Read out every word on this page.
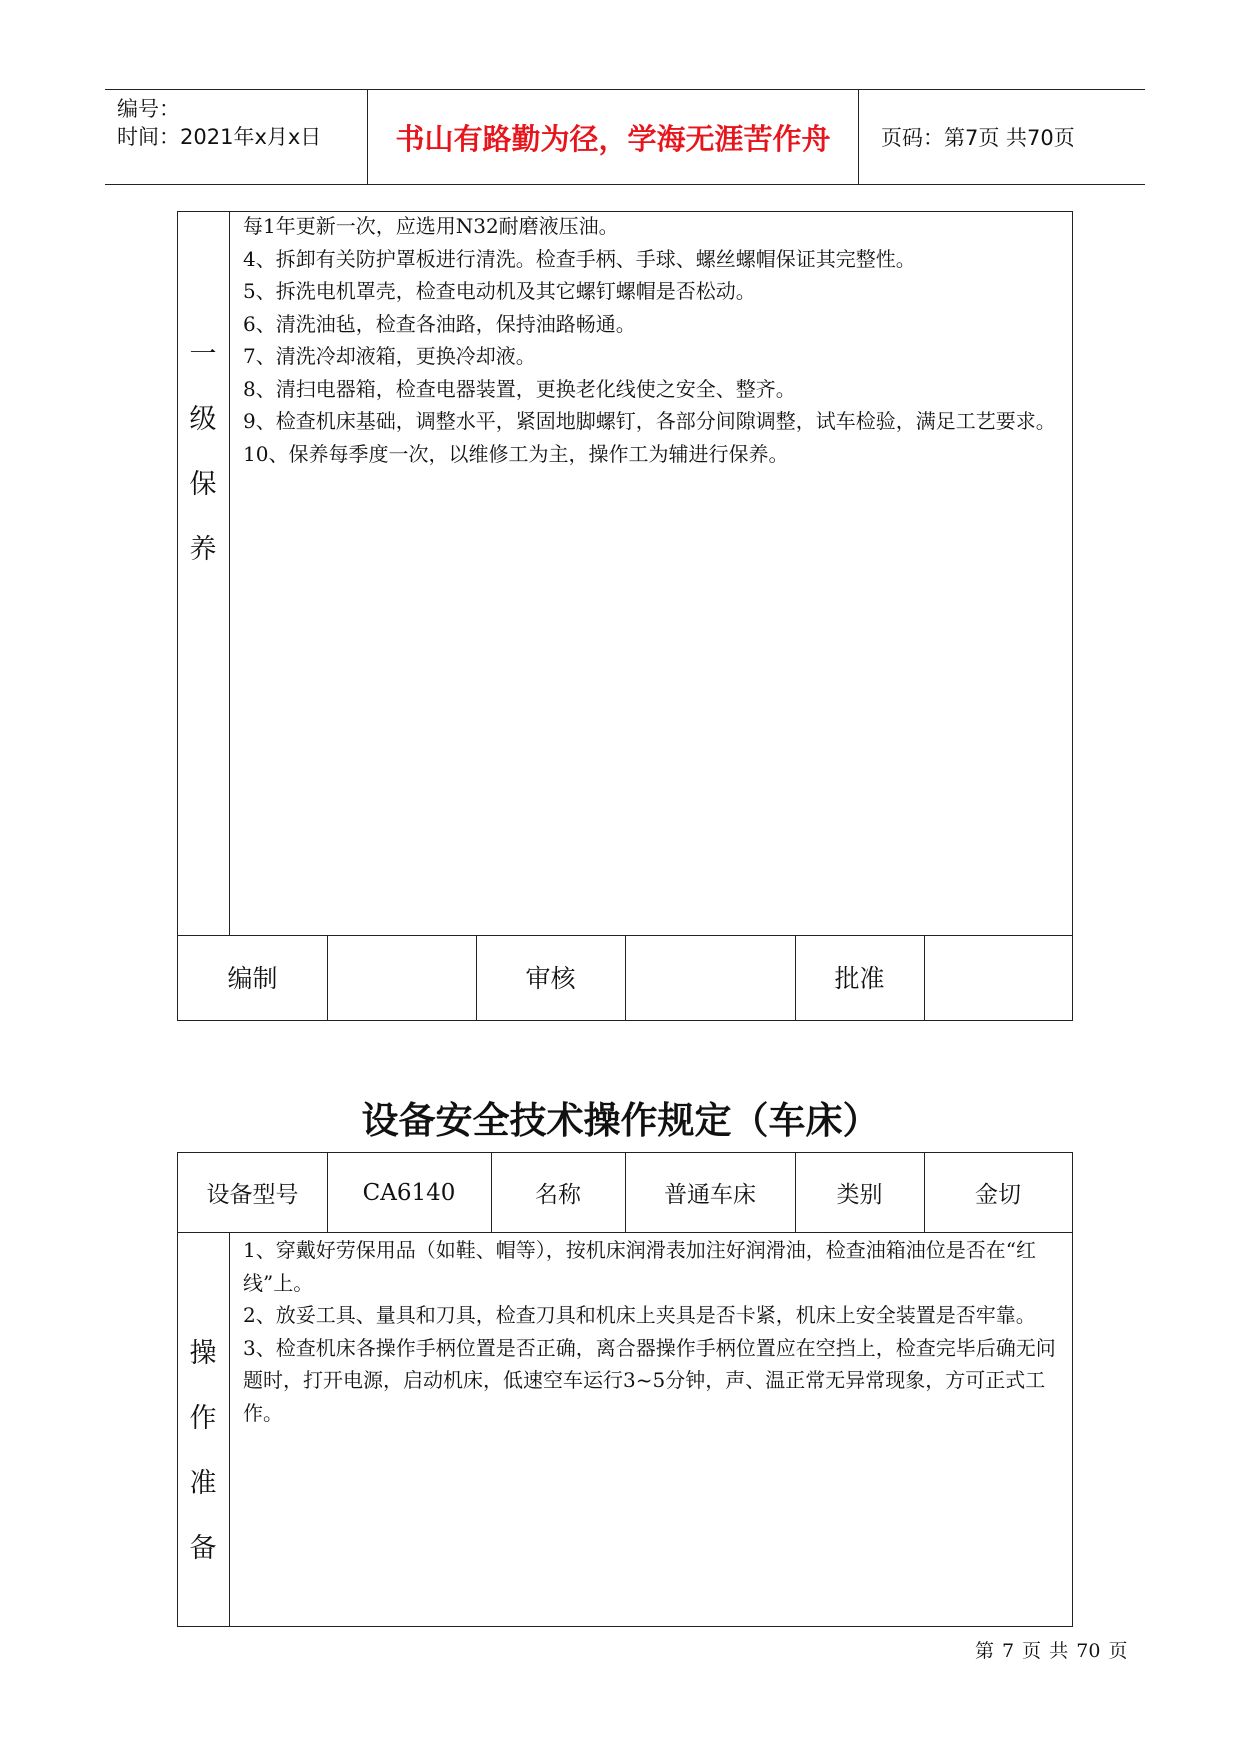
编号：
时间：2021年x月x日	书山有路勤为径，学海无涯苦作舟	页码：第7页 共70页
一
级
保
养

每1年更新一次，应选用N32耐磨液压油。

4、拆卸有关防护罩板进行清洗。检查手柄、手球、螺丝螺帽保证其完整性。

5、拆洗电机罩壳，检查电动机及其它螺钉螺帽是否松动。

6、清洗油毡，检查各油路，保持油路畅通。

7、清洗冷却液箱，更换冷却液。

8、清扫电器箱，检查电器装置，更换老化线使之安全、整齐。

9、检查机床基础，调整水平，紧固地脚螺钉，各部分间隙调整，试车检验，满足工艺要求。

10、保养每季度一次，以维修工为主，操作工为辅进行保养。

编制	审核	批准
设备安全技术操作规定（车床）
设备型号	CA6140	名称	普通车床	类别	金切
操
作
准
备

1、穿戴好劳保用品（如鞋、帽等），按机床润滑表加注好润滑油，检查油箱油位是否在“红线”上。

2、放妥工具、量具和刀具，检查刀具和机床上夹具是否卡紧，机床上安全装置是否牢靠。

3、检查机床各操作手柄位置是否正确，离合器操作手柄位置应在空挡上，检查完毕后确无问题时，打开电源，启动机床，低速空车运行3~5分钟，声、温正常无异常现象，方可正式工作。

第 7 页 共 70 页
